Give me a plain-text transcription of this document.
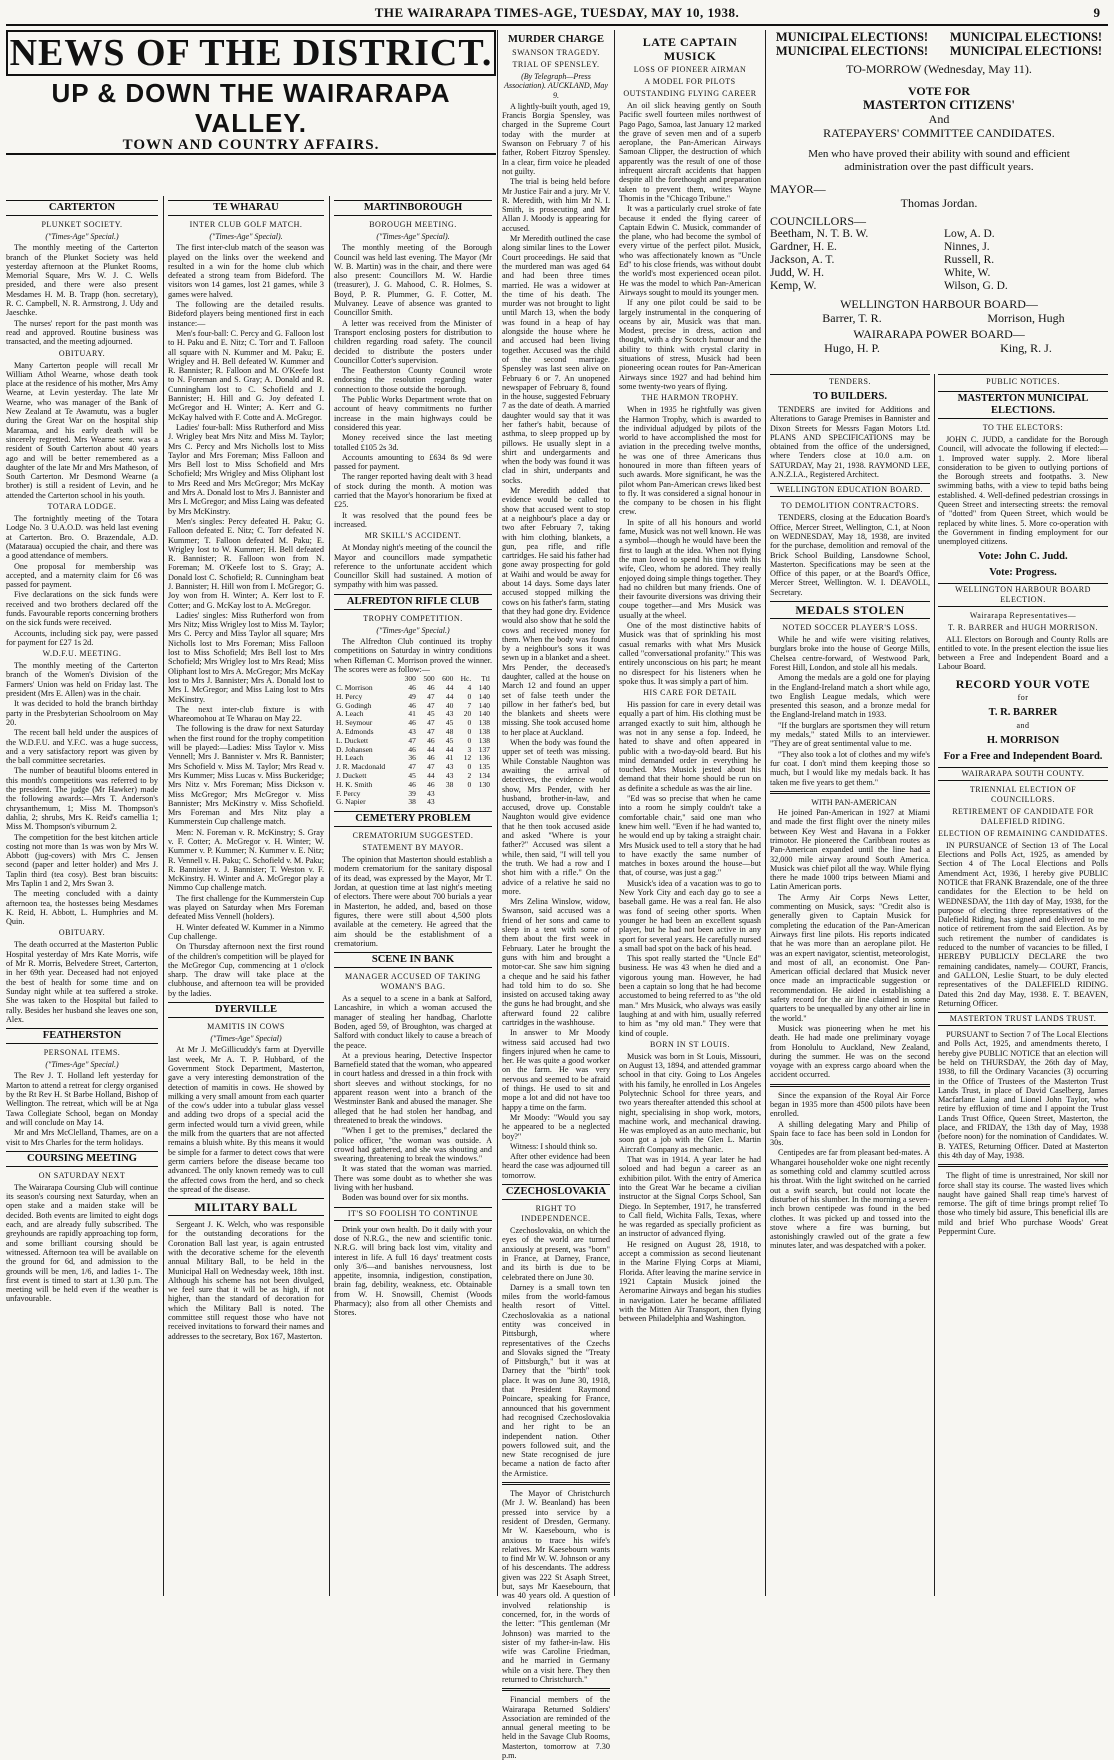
THE WAIRARAPA TIMES-AGE, TUESDAY, MAY 10, 1938.	9
NEWS OF THE DISTRICT.
UP & DOWN THE WAIRARAPA VALLEY.
TOWN AND COUNTRY AFFAIRS.
CARTERTON
PLUNKET SOCIETY.
("Times-Age" Special.)

The monthly meeting of the Carterton branch of the Plunket Society was held yesterday afternoon at the Plunket Rooms, Memorial Square, Mrs W. J. C. Wells presided, and there were also present Mesdames H. M. B. Trapp (hon. secretary), R. C. Campbell, N. R. Armstrong, J. Udy and Jaeschke.

The nurses' report for the past month was read and approved. Routine business was transacted, and the meeting adjourned.

OBITUARY.

Many Carterton people will recall Mr William Athol Wearne, whose death took place at the residence of his mother, Mrs Amy Wearne, at Levin yesterday. The late Mr Wearne, who was manager of the Bank of New Zealand at Te Awamutu, was a bugler during the Great War on the hospital ship Maramaa, and his early death will be sincerely regretted. Mrs Wearne senr. was a resident of South Carterton about 40 years ago and will be better remembered as a daughter of the late Mr and Mrs Matheson, of South Carterton. Mr Desmond Wearne (a brother) is still a resident of Levin, and he attended the Carterton school in his youth.

TOTARA LODGE.

The fortnightly meeting of the Totara Lodge No. 3 U.A.O.D. was held last evening at Carterton. Bro. O. Brazendale, A.D. (Mataraua) occupied the chair, and there was a good attendance of members.

One proposal for membership was accepted, and a maternity claim for £6 was passed for payment.

Five declarations on the sick funds were received and two brothers declared off the funds. Favourable reports concerning brothers on the sick funds were received.

Accounts, including sick pay, were passed for payment for £27 1s 2d.

W.D.F.U. MEETING.

The monthly meeting of the Carterton branch of the Women's Division of the Farmers' Union was held on Friday last. The president (Mrs E. Allen) was in the chair.

It was decided to hold the branch birthday party in the Presbyterian Schoolroom on May 20.

The recent ball held under the auspices of the W.D.F.U. and Y.F.C. was a huge success, and a very satisfactory report was given by the ball committee secretaries.

The number of beautiful blooms entered in this month's competitions was referred to by the president. The judge (Mr Hawker) made the following awards:—Mrs T. Anderson's chrysanthemum, 1; Miss M. Thompson's dahlia, 2; shrubs, Mrs K. Reid's camellia 1; Miss M. Thompson's viburnum 2.

The competition for the best kitchen article costing not more than 1s was won by Mrs W. Abbott (jug-covers) with Mrs C. Jensen second (paper and letter holder) and Mrs J. Taplin third (tea cosy). Best bran biscuits: Mrs Taplin 1 and 2, Mrs Swan 3.

The meeting concluded with a dainty afternoon tea, the hostesses being Mesdames K. Reid, H. Abbott, L. Humphries and M. Quin.

OBITUARY.

The death occurred at the Masterton Public Hospital yesterday of Mrs Kate Morris, wife of Mr R. Morris, Belvedere Street, Carterton, in her 69th year. Deceased had not enjoyed the best of health for some time and on Sunday night while at tea suffered a stroke. She was taken to the Hospital but failed to rally. Besides her husband she leaves one son, Alex.

FEATHERSTON
PERSONAL ITEMS.
("Times-Age" Special.)

The Rev J. T. Holland left yesterday for Marton to attend a retreat for clergy organised by the Rt Rev H. St Barbe Holland, Bishop of Wellington. The retreat, which will be at Nga Tawa Collegiate School, began on Monday and will conclude on May 14.

Mr and Mrs McClelland, Thames, are on a visit to Mrs Charles for the term holidays.

COURSING MEETING
ON SATURDAY NEXT

The Wairarapa Coursing Club will continue its season's coursing next Saturday, when an open stake and a maiden stake will be decided. Both events are limited to eight dogs each, and are already fully subscribed. The greyhounds are rapidly approaching top form, and some brilliant coursing should be witnessed. Afternoon tea will be available on the ground for 6d, and admission to the grounds will be men, 1/6, and ladies 1-. The first event is timed to start at 1.30 p.m. The meeting will be held even if the weather is unfavourable.

TE WHARAU
INTER CLUB GOLF MATCH.
("Times-Age" Special).

The first inter-club match of the season was played on the links over the weekend and resulted in a win for the home club which defeated a strong team from Bideford. The visitors won 14 games, lost 21 games, while 3 games were halved.

The following are the detailed results. Bideford players being mentioned first in each instance:—

Men's four-ball: C. Percy and G. Falloon lost to H. Paku and E. Nitz; C. Torr and T. Falloon all square with N. Kummer and M. Paku; E. Wrigley and H. Bell defeated W. Kummer and R. Bannister; R. Falloon and M. O'Keefe lost to N. Foreman and S. Gray; A. Donald and R. Cunningham lost to C. Schofield and J. Bannister; H. Hill and G. Joy defeated I. McGregor and H. Winter; A. Kerr and G. McKay halved with F. Cotte and A. McGregor.

Ladies' four-ball: Miss Rutherford and Miss J. Wrigley beat Mrs Nitz and Miss M. Taylor; Mrs C. Percy and Mrs Nicholls lost to Miss Taylor and Mrs Foreman; Miss Falloon and Mrs Bell lost to Miss Schofield and Mrs Schofield; Mrs Wrigley and Miss Oliphant lost to Mrs Reed and Mrs McGregor; Mrs McKay and Mrs A. Donald lost to Mrs J. Bannister and Mrs I. McGregor; and Miss Laing was defeated by Mrs McKinstry.

Men's singles: Percy defeated H. Paku; G. Falloon defeated E. Nitz; C. Torr defeated N. Kummer; T. Falloon defeated M. Paku; E. Wrigley lost to W. Kummer; H. Bell defeated R. Bannister; R. Falloon won from N. Foreman; M. O'Keefe lost to S. Gray; A. Donald lost C. Schofield; R. Cunningham beat J. Bannister; H. Hill won from I. McGregor; G. Joy won from H. Winter; A. Kerr lost to F. Cotter; and G. McKay lost to A. McGregor.

Ladies' singles: Miss Rutherford won from Mrs Nitz; Miss Wrigley lost to Miss M. Taylor; Mrs C. Percy and Miss Taylor all square; Mrs Nicholls lost to Mrs Foreman; Miss Falloon lost to Miss Schofield; Mrs Bell lost to Mrs Schofield; Mrs Wrigley lost to Mrs Read; Miss Oliphant lost to Mrs A. McGregor; Mrs McKay lost to Mrs J. Bannister; Mrs A. Donald lost to Mrs I. McGregor; and Miss Laing lost to Mrs McKinstry.

The next inter-club fixture is with Whareomohou at Te Wharau on May 22.

The following is the draw for next Saturday when the first round for the trophy competition will be played:—Ladies: Miss Taylor v. Miss Vennell; Mrs J. Bannister v. Mrs R. Bannister; Mrs Schofield v. Miss M. Taylor; Mrs Read v. Mrs Kummer; Miss Lucas v. Miss Buckeridge; Mrs Nitz v. Mrs Foreman; Miss Dickson v. Miss McGregor; Mrs McGregor v. Miss Bannister; Mrs McKinstry v. Miss Schofield. Mrs Foreman and Mrs Nitz play a Kummerstein Cup challenge match.

Men: N. Foreman v. R. McKinstry; S. Gray v. F. Cotter; A. McGregor v. H. Winter; W. Kummer v. P. Kummer; N. Kummer v. E. Nitz; R. Vennell v. H. Paku; C. Schofield v. M. Paku; R. Bannister v. J. Bannister; T. Weston v. F. McKinstry. H. Winter and A. McGregor play a Nimmo Cup challenge match.

The first challenge for the Kummerstein Cup was played on Saturday when Mrs Foreman defeated Miss Vennell (holders).

H. Winter defeated W. Kummer in a Nimmo Cup challenge.

On Thursday afternoon next the first round of the children's competition will be played for the McGregor Cup, commencing at 1 o'clock sharp. The draw will take place at the clubhouse, and afternoon tea will be provided by the ladies.

DYERVILLE
MAMITIS IN COWS
("Times-Age" Special)

At Mr J. McGillicuddy's farm at Dyerville last week, Mr A. T. P. Hubbard, of the Government Stock Department, Masterton, gave a very interesting demonstration of the detection of mamitis in cows. He showed by milking a very small amount from each quarter of the cow's udder into a tubular glass vessel and adding two drops of a special acid the germ infected would turn a vivid green, while the milk from the quarters that are not affected remains a bluish white. By this means it would be simple for a farmer to detect cows that were germ carriers before the disease became too advanced. The only known remedy was to cull the affected cows from the herd, and so check the spread of the disease.

MILITARY BALL

Sergeant J. K. Welch, who was responsible for the outstanding decorations for the Coronation Ball last year, is again entrusted with the decorative scheme for the eleventh annual Military Ball, to be held in the Municipal Hall on Wednesday week, 18th inst. Although his scheme has not been divulged, we feel sure that it will be as high, if not higher, than the standard of decoration for which the Military Ball is noted. The committee still request those who have not received invitations to forward their names and addresses to the secretary, Box 167, Masterton.

MARTINBOROUGH
BOROUGH MEETING.
("Times-Age" Special).

The monthly meeting of the Borough Council was held last evening. The Mayor (Mr W. B. Martin) was in the chair, and there were also present: Councillors M. W. Hardie (treasurer), J. G. Mahood, C. R. Holmes, S. Boyd, P. R. Plummer, G. F. Cotter, M. Mulvaney. Leave of absence was granted to Councillor Smith.

A letter was received from the Minister of Transport enclosing posters for distribution to children regarding road safety. The council decided to distribute the posters under Councillor Cotter's supervision.

The Featherston County Council wrote endorsing the resolution regarding water connection to those outside the borough.

The Public Works Department wrote that on account of heavy commitments no further increase in the main highways could be considered this year.

Money received since the last meeting totalled £105 2s 3d.

Accounts amounting to £634 8s 9d were passed for payment.

The ranger reported having dealt with 3 head of stock during the month. A motion was carried that the Mayor's honorarium be fixed at £25.

It was resolved that the pound fees be increased.

MR SKILL'S ACCIDENT.

At Monday night's meeting of the council the Mayor and councillors made sympathetic reference to the unfortunate accident which Councillor Skill had sustained. A motion of sympathy with him was passed.

ALFREDTON RIFLE CLUB
TROPHY COMPETITION.
("Times-Age" Special.)

The Alfredton Club continued its trophy competitions on Saturday in wintry conditions when Rifleman C. Morrison proved the winner. The scores were as follow:—

	300	500	600	Hc.	Ttl
C. Morrison	46	46	44	4	140
H. Percy	49	47	44	0	140
G. Godingh	46	47	40	7	140
A. Leach	41	45	43	20	140
H. Seymour	46	47	45	0	138
A. Edmonds	43	47	48	0	138
L. Duckett	47	46	45	0	138
D. Johansen	46	44	44	3	137
H. Leach	36	46	41	12	136
J. R. Macdonald	47	47	43	0	135
J. Duckett	45	44	43	2	134
H. K. Smith	46	46	38	0	130
F. Percy	39	43			
G. Napier	38	43			
CEMETERY PROBLEM
CREMATORIUM SUGGESTED.
STATEMENT BY MAYOR.

The opinion that Masterton should establish a modern crematorium for the sanitary disposal of its dead, was expressed by the Mayor, Mr T. Jordan, at question time at last night's meeting of electors. There were about 700 burials a year in Masterton, he added, and, based on those figures, there were still about 4,500 plots available at the cemetery. He agreed that the aim should be the establishment of a crematorium.

SCENE IN BANK
MANAGER ACCUSED OF TAKING WOMAN'S BAG.

As a sequel to a scene in a bank at Salford, Lancashire, in which a woman accused the manager of stealing her handbag, Charlotte Boden, aged 59, of Broughton, was charged at Salford with conduct likely to cause a breach of the peace.

At a previous hearing, Detective Inspector Barnefield stated that the woman, who appeared in court hatless and dressed in a thin frock with short sleeves and without stockings, for no apparent reason went into a branch of the Westminster Bank and abused the manager. She alleged that he had stolen her handbag, and threatened to break the windows.

"When I get to the premises," declared the police officer, "the woman was outside. A crowd had gathered, and she was shouting and swearing, threatening to break the windows."

It was stated that the woman was married. There was some doubt as to whether she was living with her husband.

Boden was bound over for six months.

IT'S SO FOOLISH TO CONTINUE

Drink your own health. Do it daily with your dose of N.R.G., the new and scientific tonic. N.R.G. will bring back lost vim, vitality and interest in life. A full 16 days' treatment costs only 3/6—and banishes nervousness, lost appetite, insomnia, indigestion, constipation, brain fag, debility, weakness, etc. Obtainable from W. H. Snowsill, Chemist (Woods Pharmacy); also from all other Chemists and Stores.

MURDER CHARGE
SWANSON TRAGEDY.
TRIAL OF SPENSLEY.
(By Telegraph—Press Association). AUCKLAND, May 9.

A lightly-built youth, aged 19, Francis Borgia Spensley, was charged in the Supreme Court today with the murder at Swanson on February 7 of his father, Robert Fitzroy Spensley. In a clear, firm voice he pleaded not guilty.

The trial is being held before Mr Justice Fair and a jury. Mr V. R. Meredith, with him Mr N. I. Smith, is prosecuting and Mr Allan J. Moody is appearing for accused.

Mr Meredith outlined the case along similar lines to the Lower Court proceedings. He said that the murdered man was aged 64 and had been three times married. He was a widower at the time of his death. The murder was not brought to light until March 13, when the body was found in a heap of hay alongside the house where he and accused had been living together. Accused was the child of the second marriage. Spensley was last seen alive on February 6 or 7. An unopened newspaper of February 8, found in the house, suggested February 7 as the date of death. A married daughter would say that it was her father's habit, because of asthma, to sleep propped up by pillows. He usually slept in a shirt and undergarments and when the body was found it was clad in shirt, underpants and socks.

Mr Meredith added that evidence would be called to show that accused went to stop at a neighbour's place a day or two after February 7, taking with him clothing, blankets, a gun, pea rifle, and rifle cartridges. He said his father had gone away prospecting for gold at Waihi and would be away for about 14 days. Some days later accused stopped milking the cows on his father's farm, stating that they had gone dry. Evidence would also show that he sold the cows and received money for them. When the body was found by a neighbour's sons it was sewn up in a blanket and a sheet. Mrs Pender, the deceased's daughter, called at the house on March 12 and found an upper set of false teeth under the pillow in her father's bed, but the blankets and sheets were missing. She took accused home to her place at Auckland.

When the body was found the upper set of teeth was missing. While Constable Naughton was awaiting the arrival of detectives, the evidence would show, Mrs Pender, with her husband, brother-in-law, and accused, drove up. Constable Naughton would give evidence that he then took accused aside and asked "Where is your father?" Accused was silent a while, then said, "I will tell you the truth. We had a row and I shot him with a rifle." On the advice of a relative he said no more.

Mrs Zelina Winslow, widow, Swanson, said accused was a friend of her sons and came to sleep in a tent with some of them about the first week in February. Later he brought the guns with him and brought a motor-car. She saw him signing a cheque and he said his father had told him to do so. She insisted on accused taking away the guns he had brought, and she afterward found 22 calibre cartridges in the washhouse.

In answer to Mr Moody witness said accused had two fingers injured when he came to her. He was quite a good worker on the farm. He was very nervous and seemed to be afraid of things. He used to sit and mope a lot and did not have too happy a time on the farm.

Mr Moody: "Would you say he appeared to be a neglected boy?"

Witness: I should think so.

After other evidence had been heard the case was adjourned till tomorrow.

CZECHOSLOVAKIA
RIGHT TO INDEPENDENCE.

Czechoslovakia, on which the eyes of the world are turned anxiously at present, was "born" in France, at Darney, France, and its birth is due to be celebrated there on June 30.

Darney is a small town ten miles from the world-famous health resort of Vittel. Czechoslovakia as a national entity was conceived in Pittsburgh, where representatives of the Czechs and Slovaks signed the "Treaty of Pittsburgh," but it was at Darney that the "birth" took place. It was on June 30, 1918, that President Raymond Poincare, speaking for France, announced that his government had recognised Czechoslovakia and her right to be an independent nation. Other powers followed suit, and the new State recognised de jure became a nation de facto after the Armistice.

The Mayor of Christchurch (Mr J. W. Beanland) has been pressed into service by a resident of Dresden, Germany. Mr W. Kaesebourn, who is anxious to trace his wife's relatives. Mr Kaesebourn wants to find Mr W. W. Johnson or any of his descendants. The address given was 222 St Asaph Street, but, says Mr Kaesebourn, that was 40 years old. A question of involved relationship is concerned, for, in the words of the letter: "This gentleman (Mr Johnson) was married to the sister of my father-in-law. His wife was Caroline Friedman, and he married in Germany while on a visit here. They then returned to Christchurch."

Financial members of the Wairarapa Returned Soldiers' Association are reminded of the annual general meeting to be held in the Savage Club Rooms, Masterton, tomorrow at 7.30 p.m.

LATE CAPTAIN MUSICK
LOSS OF PIONEER AIRMAN
A MODEL FOR PILOTS
OUTSTANDING FLYING CAREER

An oil slick heaving gently on South Pacific swell fourteen miles northwest of Pago Pago, Samoa, last January 12 marked the grave of seven men and of a superb aeroplane, the Pan-American Airways Samoan Clipper, the destruction of which apparently was the result of one of those infrequent aircraft accidents that happen despite all the forethought and preparation taken to prevent them, writes Wayne Thomis in the "Chicago Tribune."

It was a particularly cruel stroke of fate because it ended the flying career of Captain Edwin C. Musick, commander of the plane, who had become the symbol of every virtue of the perfect pilot. Musick, who was affectionately known as "Uncle Ed" to his close friends, was without doubt the world's most experienced ocean pilot. He was the model to which Pan-American Airways sought to mould its younger men.

If any one pilot could be said to be largely instrumental in the conquering of oceans by air, Musick was that man. Modest, precise in dress, action and thought, with a dry Scotch humour and the ability to think with crystal clarity in situations of stress, Musick had been pioneering ocean routes for Pan-American Airways since 1927 and had behind him some twenty-two years of flying.

THE HARMON TROPHY.

When in 1935 he rightfully was given the Harmon Trophy, which is awarded to the individual adjudged by pilots of the world to have accomplished the most for aviation in the preceding twelve months, he was one of three Americans thus honoured in more than fifteen years of such awards. More significant, he was the pilot whom Pan-American crews liked best to fly. It was considered a signal honour in the company to be chosen in his flight crew.

In spite of all his honours and world fame, Musick was not well known. He was a symbol—though he would have been the first to laugh at the idea. When not flying the man loved to spend his time with his wife, Cleo, whom he adored. They really enjoyed doing simple things together. They had no children but many friends. One of their favourite diversions was driving their coupe together—and Mrs Musick was usually at the wheel.

One of the most distinctive habits of Musick was that of sprinkling his most casual remarks with what Mrs Musick called "conversational profanity." This was entirely unconscious on his part; he meant no disrespect for his listeners when he spoke thus. It was simply a part of him.

HIS CARE FOR DETAIL

His passion for care in every detail was equally a part of him. His clothing must be arranged exactly to suit him, although he was not in any sense a fop. Indeed, he hated to shave and often appeared in public with a two-day-old beard. But his mind demanded order in everything he touched. Mrs Musick jested about his demand that their home should be run on as definite a schedule as was the air line.

"Ed was so precise that when he came into a room he simply couldn't take a comfortable chair," said one man who knew him well. "Even if he had wanted to, he would end up by taking a straight chair. Mrs Musick used to tell a story that he had to have exactly the same number of matches in boxes around the house—but that, of course, was just a gag."

Musick's idea of a vacation was to go to New York City and each day go to see a baseball game. He was a real fan. He also was fond of seeing other sports. When younger he had been an excellent squash player, but he had not been active in any sport for several years. He carefully nursed a small bad spot on the back of his head.

This spot really started the "Uncle Ed" business. He was 43 when he died and a vigorous young man. However, he had been a captain so long that he had become accustomed to being referred to as "the old man." Mrs Musick, who always was easily laughing at and with him, usually referred to him as "my old man." They were that kind of couple.

BORN IN ST LOUIS.

Musick was born in St Louis, Missouri, on August 13, 1894, and attended grammar school in that city. Going to Los Angeles with his family, he enrolled in Los Angeles Polytechnic School for three years, and two years thereafter attended this school at night, specialising in shop work, motors, machine work, and mechanical drawing. He was employed as an auto mechanic, but soon got a job with the Glen L. Martin Aircraft Company as mechanic.

That was in 1914. A year later he had soloed and had begun a career as an exhibition pilot. With the entry of America into the Great War he became a civilian instructor at the Signal Corps School, San Diego. In September, 1917, he transferred to Call field, Wichita Falls, Texas, where he was regarded as specially proficient as an instructor of advanced flying.

He resigned on August 28, 1918, to accept a commission as second lieutenant in the Marine Flying Corps at Miami, Florida. After leaving the marine service in 1921 Captain Musick joined the Aeromarine Airways and began his studies in navigation. Later he became affiliated with the Mitten Air Transport, then flying between Philadelphia and Washington.

MUNICIPAL ELECTIONS!	MUNICIPAL ELECTIONS!
MUNICIPAL ELECTIONS!	MUNICIPAL ELECTIONS!
TO-MORROW (Wednesday, May 11).
VOTE FOR
MASTERTON CITIZENS'
And
RATEPAYERS' COMMITTEE CANDIDATES.
Men who have proved their ability with sound and efficient administration over the past difficult years.
MAYOR—
Thomas Jordan.
COUNCILLORS—
Beetham, N. T. B. W.
Gardner, H. E.
Jackson, A. T.
Judd, W. H.
Kemp, W.
Low, A. D.
Ninnes, J.
Russell, R.
White, W.
Wilson, G. D.
WELLINGTON HARBOUR BOARD—
Barrer, T. R.	Morrison, Hugh
WAIRARAPA POWER BOARD—
Hugo, H. P.	King, R. J.
TENDERS.
TO BUILDERS.

TENDERS are invited for Additions and Alterations to Garage Premises in Bannister and Dixon Streets for Messrs Fagan Motors Ltd. PLANS AND SPECIFICATIONS may be obtained from the office of the undersigned, where Tenders close at 10.0 a.m. on SATURDAY, May 21, 1938. RAYMOND LEE, A.N.Z.I.A., Registered Architect.

WELLINGTON EDUCATION BOARD.
TO DEMOLITION CONTRACTORS.

TENDERS, closing at the Education Board's Office, Mercer Street, Wellington, C.1, at Noon on WEDNESDAY, May 18, 1938, are invited for the purchase, demolition and removal of the Brick School Building, Lansdowne School, Masterton. Specifications may be seen at the Office of this paper, or at the Board's Office, Mercer Street, Wellington. W. I. DEAVOLL, Secretary.

MEDALS STOLEN
NOTED SOCCER PLAYER'S LOSS.

While he and wife were visiting relatives, burglars broke into the house of George Mills, Chelsea centre-forward, of Westwood Park, Forest Hill, London, and stole all his medals.

Among the medals are a gold one for playing in the England-Ireland match a short while ago, two English League medals, which were presented this season, and a bronze medal for the England-Ireland match in 1933.

"If the burglars are sportsmen they will return my medals," stated Mills to an interviewer. "They are of great sentimental value to me.

"They also took a lot of clothes and my wife's fur coat. I don't mind them keeping those so much, but I would like my medals back. It has taken me five years to get them."

WITH PAN-AMERICAN

He joined Pan-American in 1927 at Miami and made the first flight over the ninety miles between Key West and Havana in a Fokker trimotor. He pioneered the Caribbean routes as Pan-American expanded until the line had a 32,000 mile airway around South America. Musick was chief pilot all the way. While flying there he made 1000 trips between Miami and Latin American ports.

The Army Air Corps News Letter, commenting on Musick, says: "Credit also is generally given to Captain Musick for completing the education of the Pan-American Airways first line pilots. His reports indicated that he was more than an aeroplane pilot. He was an expert navigator, scientist, meteorologist, and most of all, an economist. One Pan-American official declared that Musick never once made an impracticable suggestion or recommendation. He aided in establishing a safety record for the air line claimed in some quarters to be unequalled by any other air line in the world."

Musick was pioneering when he met his death. He had made one preliminary voyage from Honolulu to Auckland, New Zealand, during the summer. He was on the second voyage with an express cargo aboard when the accident occurred.

Since the expansion of the Royal Air Force began in 1935 more than 4500 pilots have been enrolled.

A shilling delegating Mary and Philip of Spain face to face has been sold in London for 30s.

Centipedes are far from pleasant bed-mates. A Whangarei householder woke one night recently as something cold and clammy scuttled across his throat. With the light switched on he carried out a swift search, but could not locate the disturber of his slumber. In the morning a seven-inch brown centipede was found in the bed clothes. It was picked up and tossed into the stove where a fire was burning, but astonishingly crawled out of the grate a few minutes later, and was despatched with a poker.

PUBLIC NOTICES.
MASTERTON MUNICIPAL ELECTIONS.
TO THE ELECTORS:

JOHN C. JUDD, a candidate for the Borough Council, will advocate the following if elected:— 1. Improved water supply. 2. More liberal consideration to be given to outlying portions of the Borough streets and footpaths. 3. New swimming baths, with a view to tepid baths being established. 4. Well-defined pedestrian crossings in Queen Street and intersecting streets: the removal of "dotted" from Queen Street, which would be replaced by white lines. 5. More co-operation with the Government in finding employment for our unemployed citizens.

Vote: John C. Judd.
Vote: Progress.
WELLINGTON HARBOUR BOARD ELECTION.
Wairarapa Representatives—
T. R. BARRER and HUGH MORRISON.

ALL Electors on Borough and County Rolls are entitled to vote. In the present election the issue lies between a Free and Independent Board and a Labour Board.

RECORD YOUR VOTE
for
T. R. BARRER
and
H. MORRISON
For a Free and Independent Board.
WAIRARAPA SOUTH COUNTY.
TRIENNIAL ELECTION OF COUNCILLORS.
RETIREMENT OF CANDIDATE FOR DALEFIELD RIDING.
ELECTION OF REMAINING CANDIDATES.

IN PURSUANCE of Section 13 of The Local Elections and Polls Act, 1925, as amended by Section 4 of The Local Elections and Polls Amendment Act, 1936, I hereby give PUBLIC NOTICE that FRANK Brazendale, one of the three candidates for the Election to be held on WEDNESDAY, the 11th day of May, 1938, for the purpose of electing three representatives of the Dalefield Riding, has signed and delivered to me notice of retirement from the said Election. As by such retirement the number of candidates is reduced to the number of vacancies to be filled, I HEREBY PUBLICLY DECLARE the two remaining candidates, namely— COURT, Francis, and GALLON, Leslie Stuart, to be duly elected representatives of the DALEFIELD RIDING. Dated this 2nd day May, 1938. E. T. BEAVEN, Returning Officer.

MASTERTON TRUST LANDS TRUST.

PURSUANT to Section 7 of The Local Elections and Polls Act, 1925, and amendments thereto, I hereby give PUBLIC NOTICE that an election will be held on THURSDAY, the 26th day of May, 1938, to fill the Ordinary Vacancies (3) occurring in the Office of Trustees of the Masterton Trust Lands Trust, in place of David Caselberg, James Macfarlane Laing and Lionel John Taylor, who retire by effluxion of time and I appoint the Trust Lands Trust Office, Queen Street, Masterton, the place, and FRIDAY, the 13th day of May, 1938 (before noon) for the nomination of Candidates. W. B. YATES, Returning Officer. Dated at Masterton this 4th day of May, 1938.

The flight of time is unrestrained, Nor skill nor force shall stay its course. The wasted lives which naught have gained Shall reap time's harvest of remorse. The gift of time brings prompt relief To those who timely bid assure, This beneficial ills are mild and brief Who purchase Woods' Great Peppermint Cure.
